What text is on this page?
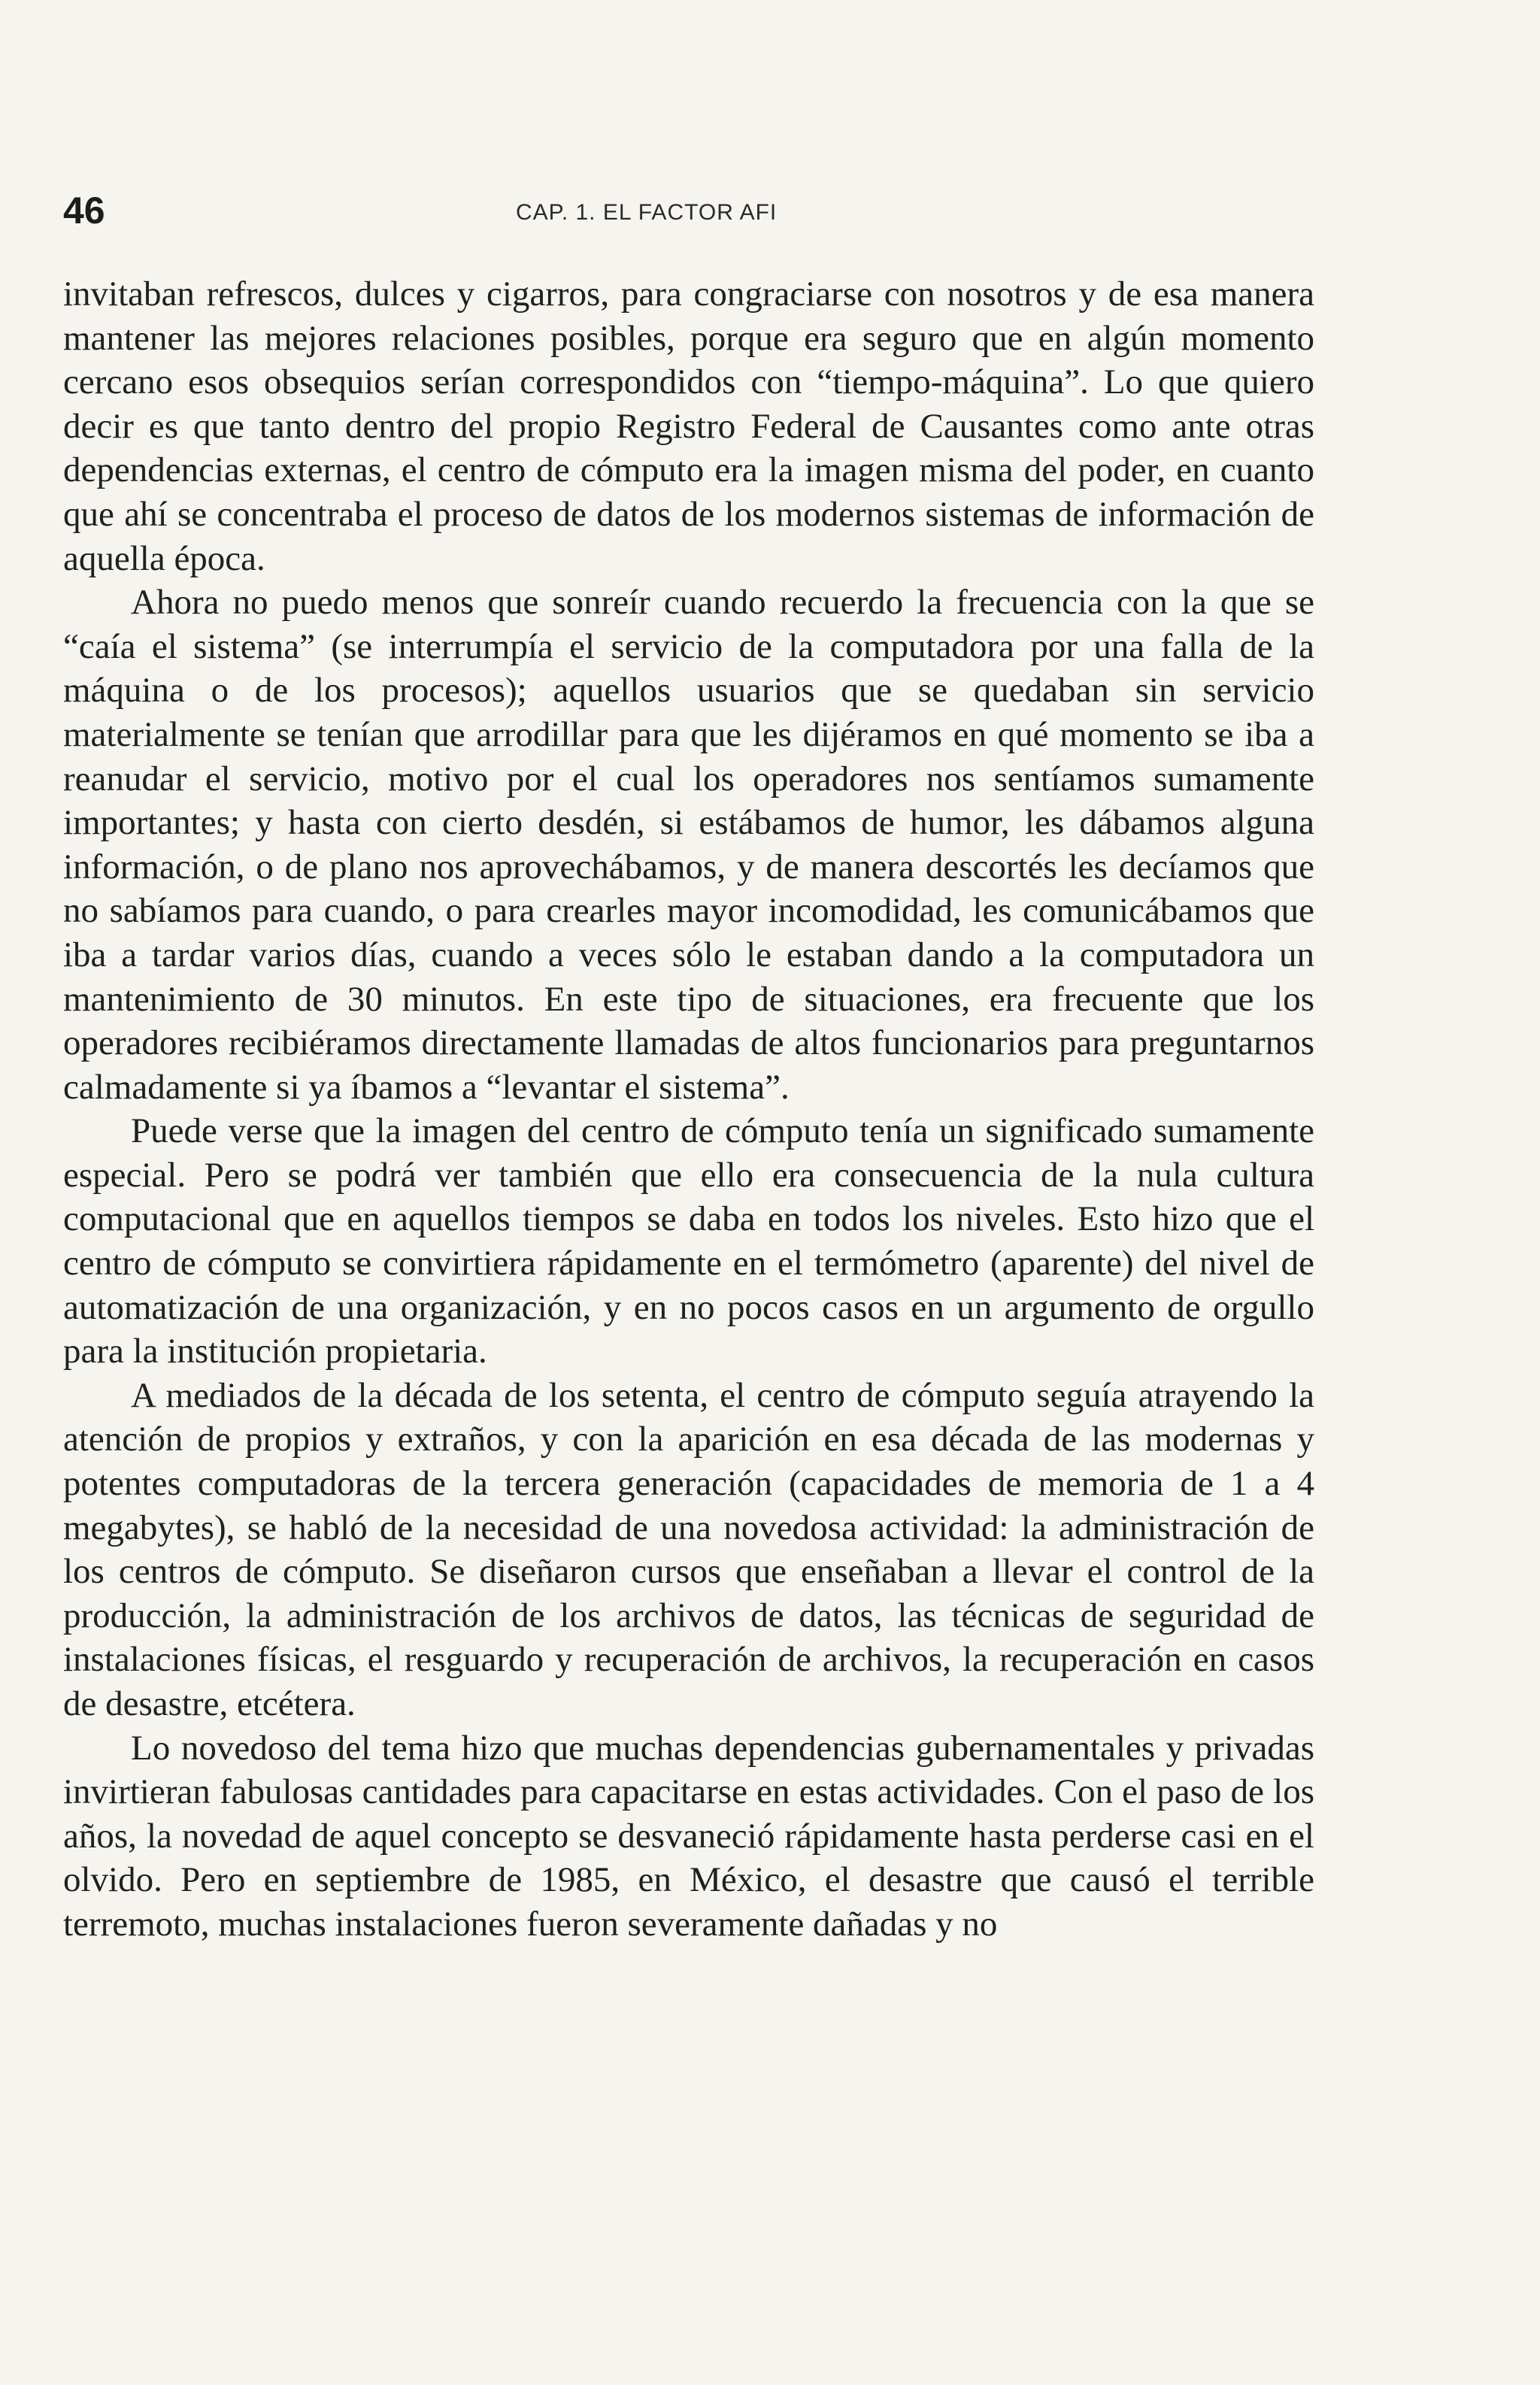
46	CAP. 1. EL FACTOR AFI

invitaban refrescos, dulces y cigarros, para congraciarse con nosotros y de esa manera mantener las mejores relaciones posibles, porque era seguro que en algún momento cercano esos obsequios serían correspondidos con “tiempo-máquina”. Lo que quiero decir es que tanto dentro del propio Registro Federal de Causantes como ante otras dependencias externas, el centro de cómputo era la imagen misma del poder, en cuanto que ahí se concentraba el proceso de datos de los modernos sistemas de información de aquella época.

Ahora no puedo menos que sonreír cuando recuerdo la frecuencia con la que se “caía el sistema” (se interrumpía el servicio de la computadora por una falla de la máquina o de los procesos); aquellos usuarios que se quedaban sin servicio materialmente se tenían que arrodillar para que les dijéramos en qué momento se iba a reanudar el servicio, motivo por el cual los operadores nos sentíamos sumamente importantes; y hasta con cierto desdén, si estábamos de humor, les dábamos alguna información, o de plano nos aprovechábamos, y de manera descortés les decíamos que no sabíamos para cuando, o para crearles mayor incomodidad, les comunicábamos que iba a tardar varios días, cuando a veces sólo le estaban dando a la computadora un mantenimiento de 30 minutos. En este tipo de situaciones, era frecuente que los operadores recibiéramos directamente llamadas de altos funcionarios para preguntarnos calmadamente si ya íbamos a “levantar el sistema”.

Puede verse que la imagen del centro de cómputo tenía un significado sumamente especial. Pero se podrá ver también que ello era consecuencia de la nula cultura computacional que en aquellos tiempos se daba en todos los niveles. Esto hizo que el centro de cómputo se convirtiera rápidamente en el termómetro (aparente) del nivel de automatización de una organización, y en no pocos casos en un argumento de orgullo para la institución propietaria.

A mediados de la década de los setenta, el centro de cómputo seguía atrayendo la atención de propios y extraños, y con la aparición en esa década de las modernas y potentes computadoras de la tercera generación (capacidades de memoria de 1 a 4 megabytes), se habló de la necesidad de una novedosa actividad: la administración de los centros de cómputo. Se diseñaron cursos que enseñaban a llevar el control de la producción, la administración de los archivos de datos, las técnicas de seguridad de instalaciones físicas, el resguardo y recuperación de archivos, la recuperación en casos de desastre, etcétera.

Lo novedoso del tema hizo que muchas dependencias gubernamentales y privadas invirtieran fabulosas cantidades para capacitarse en estas actividades. Con el paso de los años, la novedad de aquel concepto se desvaneció rápidamente hasta perderse casi en el olvido. Pero en septiembre de 1985, en México, el desastre que causó el terrible terremoto, muchas instalaciones fueron severamente dañadas y no
